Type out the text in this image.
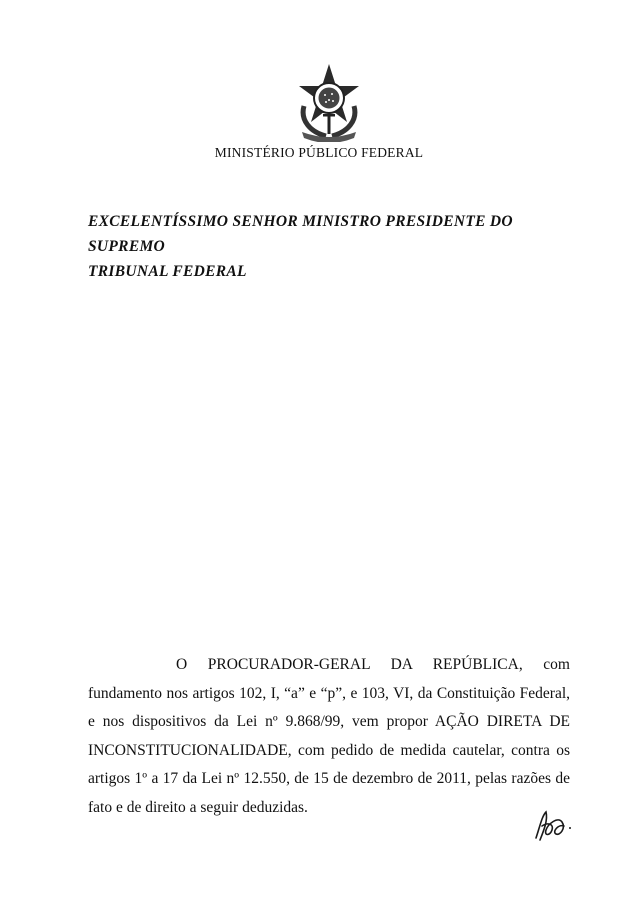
MINISTÉRIO PÚBLICO FEDERAL
EXCELENTÍSSIMO SENHOR MINISTRO PRESIDENTE DO SUPREMO
TRIBUNAL FEDERAL
O PROCURADOR-GERAL DA REPÚBLICA, com fundamento nos artigos 102, I, “a” e “p”, e 103, VI, da Constituição Federal, e nos dispositivos da Lei nº 9.868/99, vem propor AÇÃO DIRETA DE INCONSTITUCIONALIDADE, com pedido de medida cautelar, contra os artigos 1º a 17 da Lei nº 12.550, de 15 de dezembro de 2011, pelas razões de fato e de direito a seguir deduzidas.
